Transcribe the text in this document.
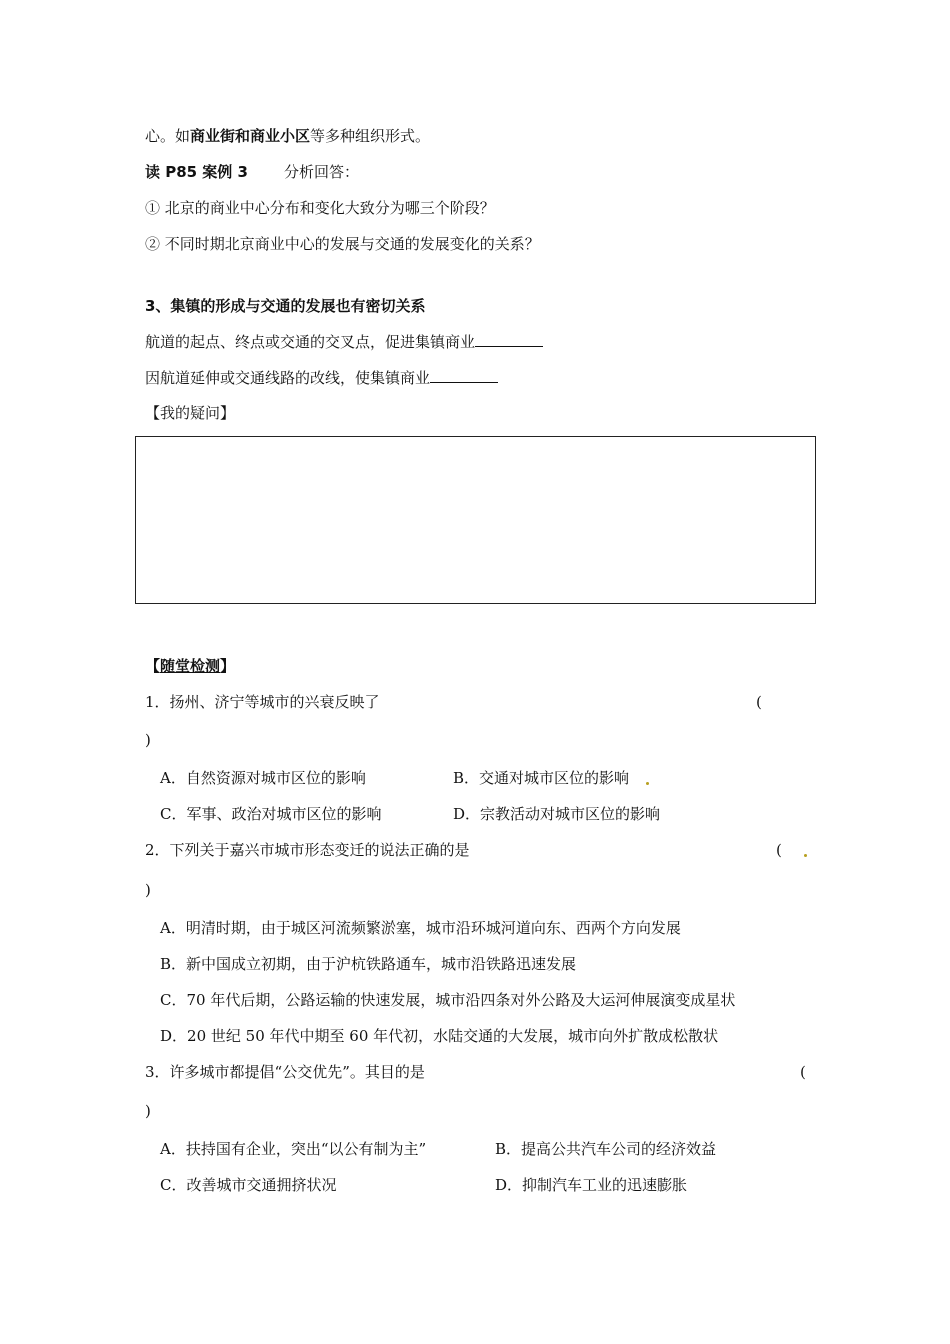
心。如商业街和商业小区等多种组织形式。
读 P85 案例 3 分析回答：
① 北京的商业中心分布和变化大致分为哪三个阶段？
② 不同时期北京商业中心的发展与交通的发展变化的关系？
3、集镇的形成与交通的发展也有密切关系
航道的起点、终点或交通的交叉点，促进集镇商业
因航道延伸或交通线路的改线，使集镇商业
【我的疑问】
【随堂检测】
1．扬州、济宁等城市的兴衰反映了	(
)
A．自然资源对城市区位的影响	B．交通对城市区位的影响
C．军事、政治对城市区位的影响	D．宗教活动对城市区位的影响
2．下列关于嘉兴市城市形态变迁的说法正确的是	(
)
A．明清时期，由于城区河流频繁淤塞，城市沿环城河道向东、西两个方向发展
B．新中国成立初期，由于沪杭铁路通车，城市沿铁路迅速发展
C．70 年代后期，公路运输的快速发展，城市沿四条对外公路及大运河伸展演变成星状
D．20 世纪 50 年代中期至 60 年代初，水陆交通的大发展，城市向外扩散成松散状
3．许多城市都提倡“公交优先”。其目的是	(
)
A．扶持国有企业，突出“以公有制为主”	B．提高公共汽车公司的经济效益
C．改善城市交通拥挤状况	D．抑制汽车工业的迅速膨胀
